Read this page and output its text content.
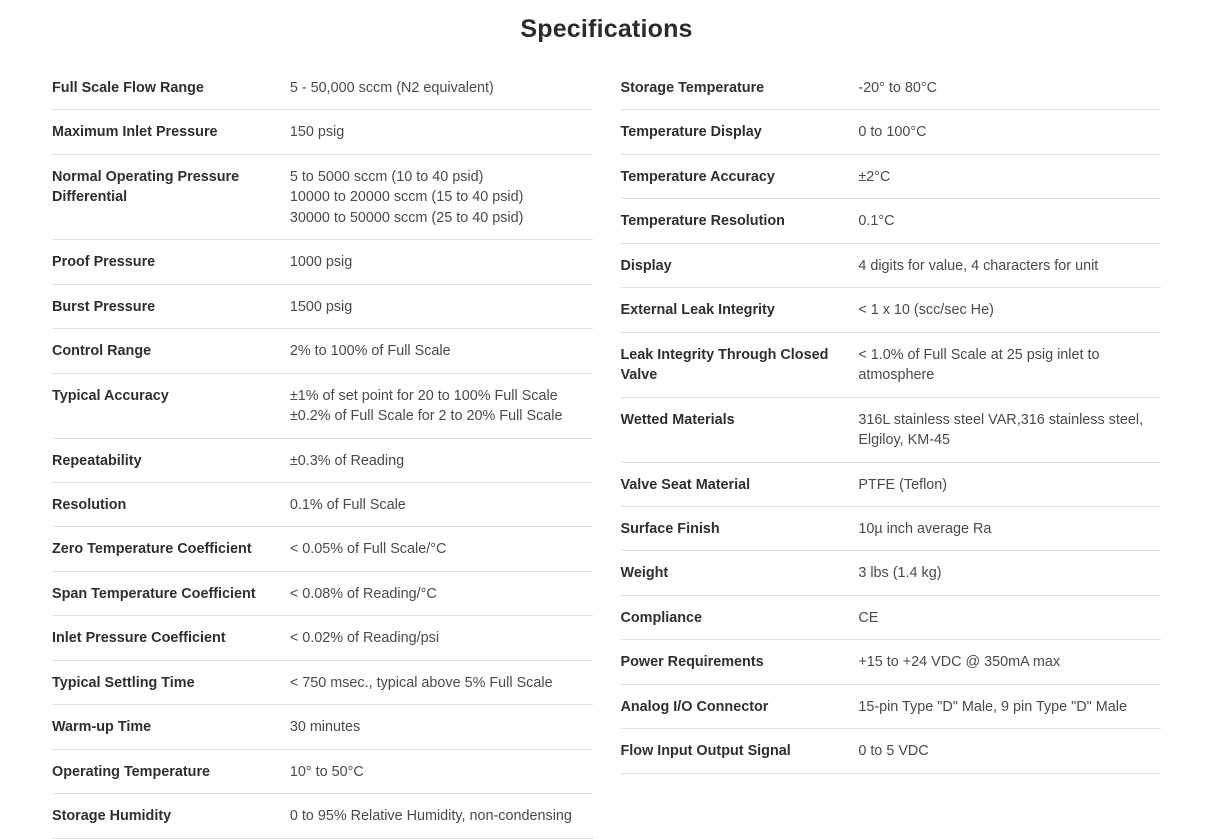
Specifications
Full Scale Flow Range	5 - 50,000 sccm (N2 equivalent)

Maximum Inlet Pressure	150 psig

Normal Operating Pressure Differential	5 to 5000 sccm (10 to 40 psid)
10000 to 20000 sccm (15 to 40 psid)
30000 to 50000 sccm (25 to 40 psid)

Proof Pressure	1000 psig

Burst Pressure	1500 psig

Control Range	2% to 100% of Full Scale

Typical Accuracy	±1% of set point for 20 to 100% Full Scale
±0.2% of Full Scale for 2 to 20% Full Scale

Repeatability	±0.3% of Reading

Resolution	0.1% of Full Scale

Zero Temperature Coefficient	< 0.05% of Full Scale/°C

Span Temperature Coefficient	< 0.08% of Reading/°C

Inlet Pressure Coefficient	< 0.02% of Reading/psi

Typical Settling Time	< 750 msec., typical above 5% Full Scale

Warm-up Time	30 minutes

Operating Temperature	10° to 50°C

Storage Humidity	0 to 95% Relative Humidity, non-condensing
Storage Temperature	-20° to 80°C

Temperature Display	0 to 100°C

Temperature Accuracy	±2°C

Temperature Resolution	0.1°C

Display	4 digits for value, 4 characters for unit

External Leak Integrity	< 1 x 10 (scc/sec He)

Leak Integrity Through Closed Valve	< 1.0% of Full Scale at 25 psig inlet to
atmosphere

Wetted Materials	316L stainless steel VAR,316 stainless steel,
Elgiloy, KM-45

Valve Seat Material	PTFE (Teflon)

Surface Finish	10µ inch average Ra

Weight	3 lbs (1.4 kg)

Compliance	CE

Power Requirements	+15 to +24 VDC @ 350mA max

Analog I/O Connector	15-pin Type "D" Male, 9 pin Type "D" Male

Flow Input Output Signal	0 to 5 VDC
